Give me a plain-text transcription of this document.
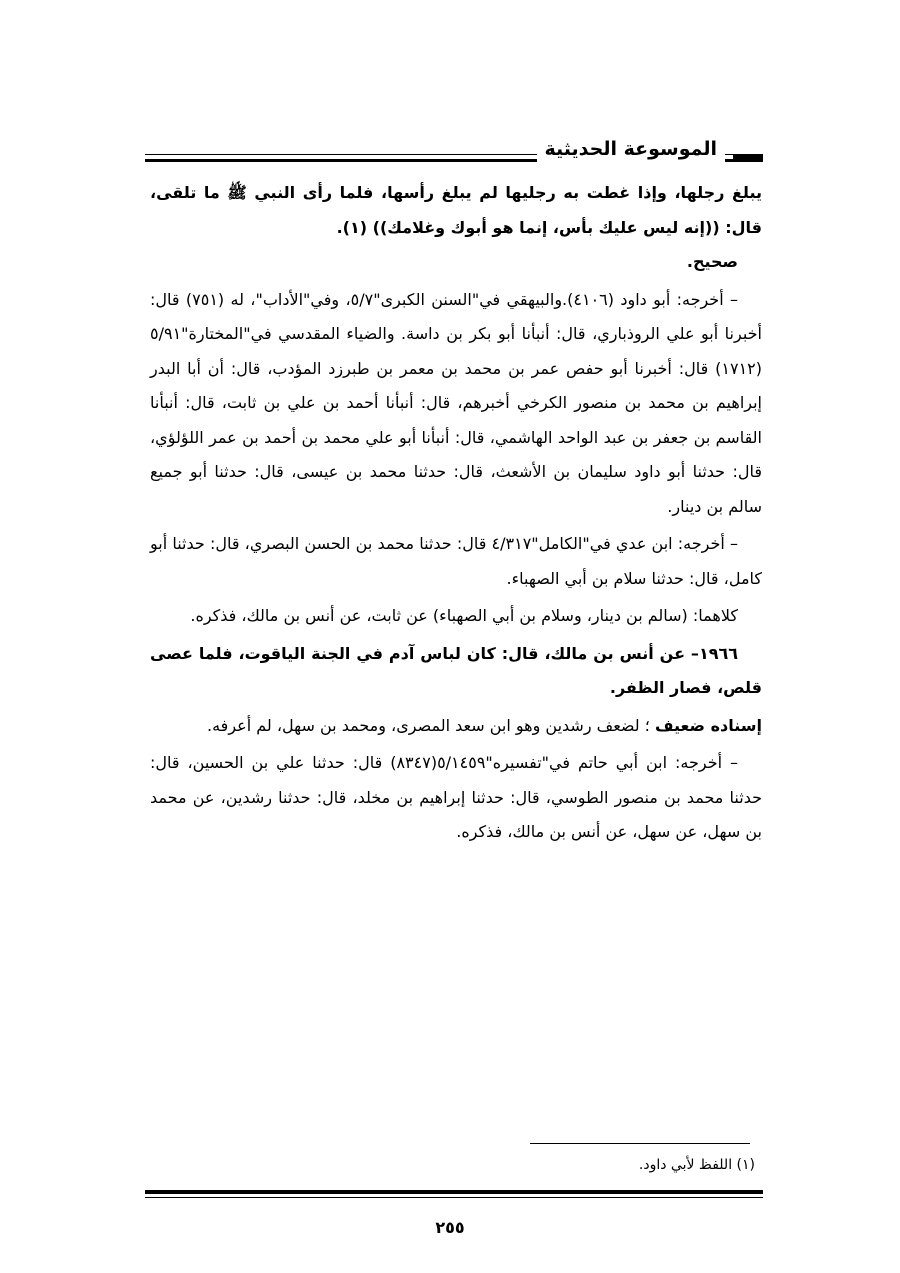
الموسوعة الحديثية

يبلغ رجلها، وإذا غطت به رجليها لم يبلغ رأسها، فلما رأى النبي ﷺ ما تلقى، قال: ((إنه ليس عليك بأس، إنما هو أبوك وغلامك)) (١).

صحيح.

– أخرجه: أبو داود (٤١٠٦).والبيهقي في"السنن الكبرى"٥/٧، وفي"الأداب"، له (٧٥١) قال: أخبرنا أبو علي الروذباري، قال: أنبأنا أبو بكر بن داسة. والضياء المقدسي في"المختارة"٥/٩١ (١٧١٢) قال: أخبرنا أبو حفص عمر بن محمد بن معمر بن طبرزد المؤدب، قال: أن أبا البدر إبراهيم بن محمد بن منصور الكرخي أخبرهم، قال: أنبأنا أحمد بن علي بن ثابت، قال: أنبأنا القاسم بن جعفر بن عبد الواحد الهاشمي، قال: أنبأنا أبو علي محمد بن أحمد بن عمر اللؤلؤي، قال: حدثنا أبو داود سليمان بن الأشعث، قال: حدثنا محمد بن عيسى، قال: حدثنا أبو جميع سالم بن دينار.

– أخرجه: ابن عدي في"الكامل"٤/٣١٧ قال: حدثنا محمد بن الحسن البصري، قال: حدثنا أبو كامل، قال: حدثنا سلام بن أبي الصهباء.

كلاهما: (سالم بن دينار، وسلام بن أبي الصهباء) عن ثابت، عن أنس بن مالك، فذكره.

١٩٦٦– عن أنس بن مالك، قال: كان لباس آدم في الجنة الياقوت، فلما عصى قلص، فصار الظفر.

إسناده ضعيف ؛ لضعف رشدين وهو ابن سعد المصرى، ومحمد بن سهل، لم أعرفه.

– أخرجه: ابن أبي حاتم في"تفسيره"٥/١٤٥٩(٨٣٤٧) قال: حدثنا علي بن الحسين، قال: حدثنا محمد بن منصور الطوسي، قال: حدثنا إبراهيم بن مخلد، قال: حدثنا رشدين، عن محمد بن سهل، عن سهل، عن أنس بن مالك، فذكره.

(١) اللفظ لأبي داود.
٢٥٥
